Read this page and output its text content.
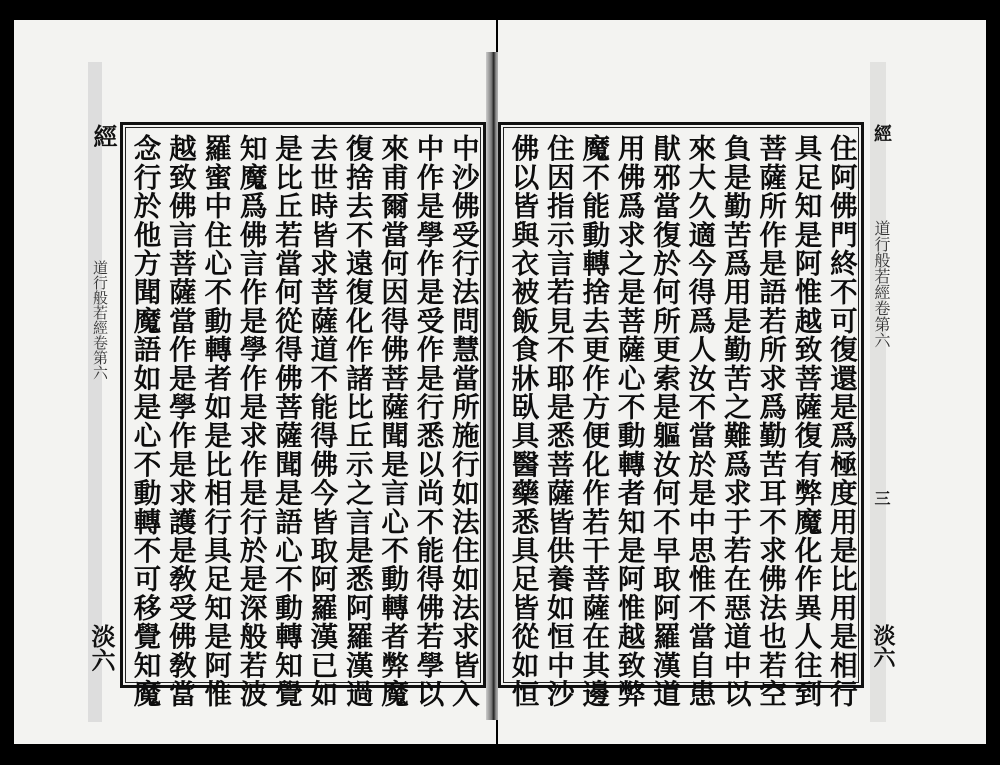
中沙佛受行法問慧當所施行如法住如法求皆入
中作是學作是受作是行悉以尚不能得佛若學以
來甫爾當何因得佛菩薩聞是言心不動轉者弊魔
復捨去不遠復化作諸比丘示之言是悉阿羅漢過
去世時皆求菩薩道不能得佛今皆取阿羅漢已如
是比丘若當何從得佛菩薩聞是語心不動轉知覺
知魔爲佛言作是學作是求作是行於是深般若波
羅蜜中住心不動轉者如是比相行具足知是阿惟
越致佛言菩薩當作是學作是求護是敎受佛敎當
念行於他方聞魔語如是心不動轉不可移覺知魔
經
道行般若經卷第六
淡六	住阿佛門終不可復還是爲極度用是比用是相行
具足知是阿惟越致菩薩復有弊魔化作異人往到
菩薩所作是語若所求爲勤苦耳不求佛法也若空
負是勤苦爲用是勤苦之難爲求于若在惡道中以
來大久適今得爲人汝不當於是中思惟不當自患
猒邪當復於何所更索是軀汝何不早取阿羅漢道
用佛爲求之是菩薩心不動轉者知是阿惟越致弊
魔不能動轉捨去更作方便化作若干菩薩在其邊
住因指示言若見不耶是悉菩薩皆供養如恒中沙
佛以皆與衣被飯食牀臥具醫藥悉具足皆從如恒
經
道行般若經卷第六
三
淡六
